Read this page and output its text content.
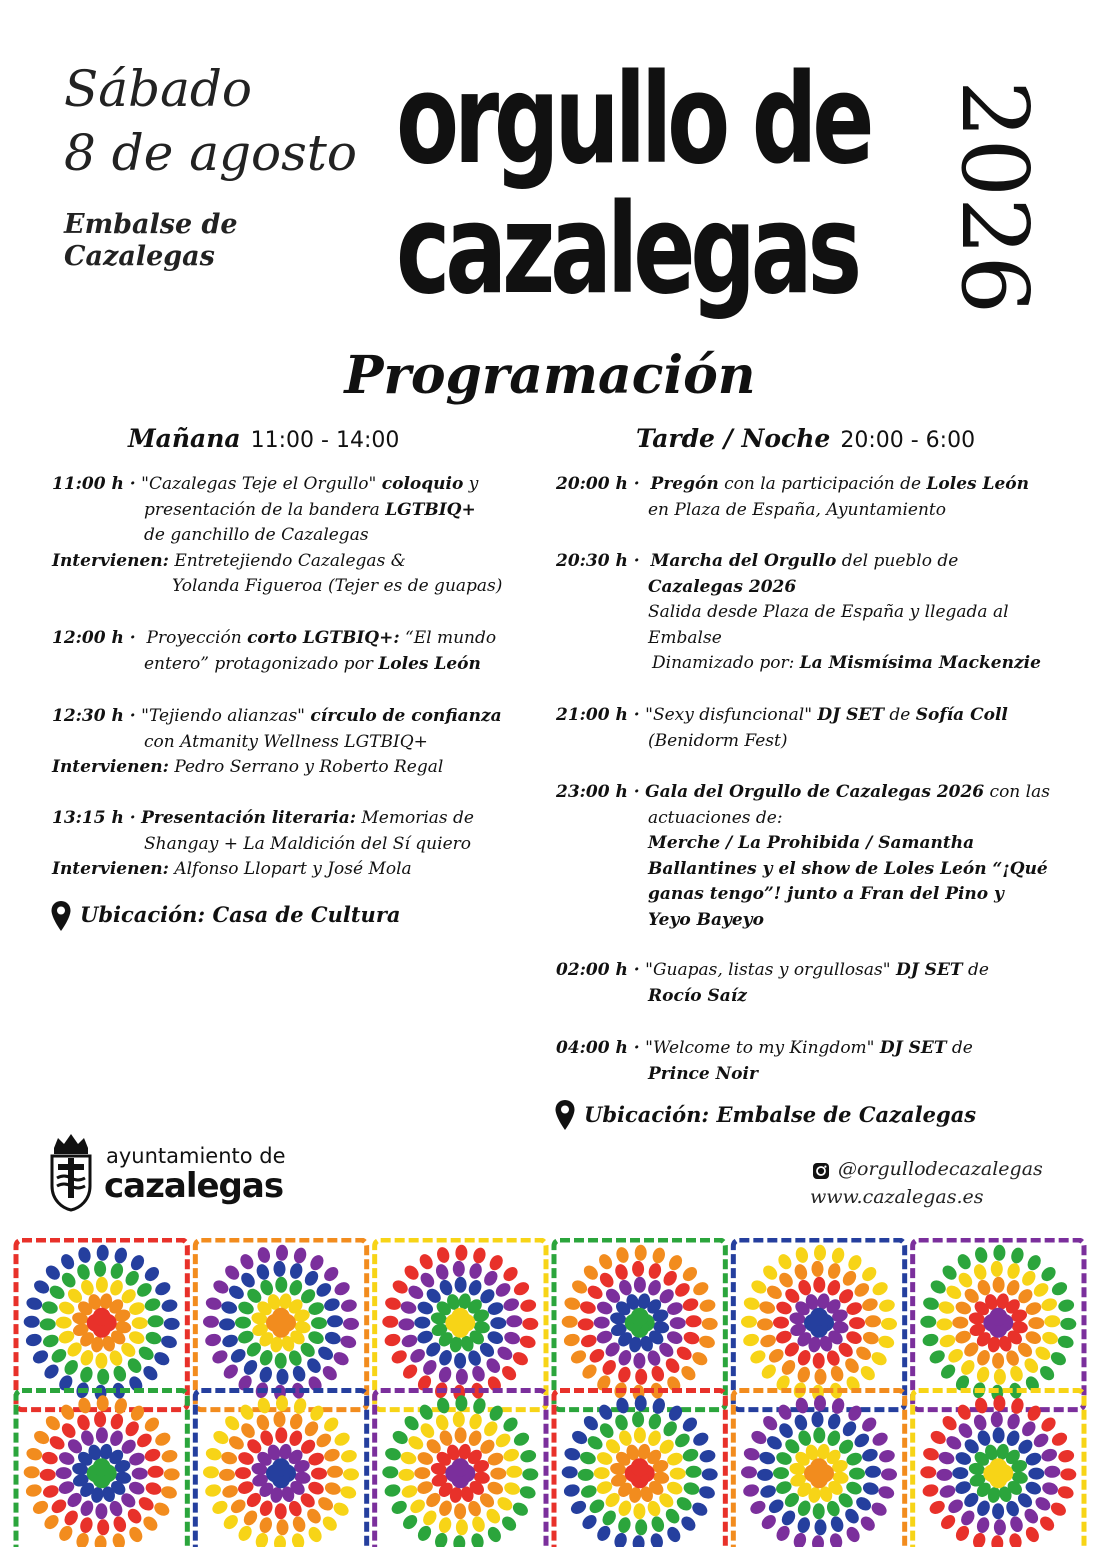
Sábado
8 de agosto
Embalse de
Cazalegas
orgullo de
cazalegas 2026
Programación
Mañana 11:00 - 14:00
11:00 h · "Cazalegas Teje el Orgullo" coloquio y
presentación de la bandera LGTBIQ+
de ganchillo de Cazalegas
Intervienen: Entretejiendo Cazalegas &
Yolanda Figueroa (Tejer es de guapas)
12:00 h · Proyección corto LGTBIQ+: “El mundo
entero” protagonizado por Loles León
12:30 h · "Tejiendo alianzas" círculo de confianza
con Atmanity Wellness LGTBIQ+
Intervienen: Pedro Serrano y Roberto Regal
13:15 h · Presentación literaria: Memorias de
Shangay + La Maldición del Sí quiero
Intervienen: Alfonso Llopart y José Mola
Ubicación: Casa de Cultura
Tarde / Noche 20:00 - 6:00
20:00 h · Pregón con la participación de Loles León
en Plaza de España, Ayuntamiento
20:30 h · Marcha del Orgullo del pueblo de
Cazalegas 2026
Salida desde Plaza de España y llegada al
Embalse
Dinamizado por: La Mismísima Mackenzie
21:00 h · "Sexy disfuncional" DJ SET de Sofía Coll
(Benidorm Fest)
23:00 h · Gala del Orgullo de Cazalegas 2026 con las
actuaciones de:
Merche / La Prohibida / Samantha
Ballantines y el show de Loles León “¡Qué
ganas tengo”! junto a Fran del Pino y
Yeyo Bayeyo
02:00 h · "Guapas, listas y orgullosas" DJ SET de
Rocío Saíz
04:00 h · "Welcome to my Kingdom" DJ SET de
Prince Noir
Ubicación: Embalse de Cazalegas
ayuntamiento de
cazalegas	@orgullodecazalegas
www.cazalegas.es
